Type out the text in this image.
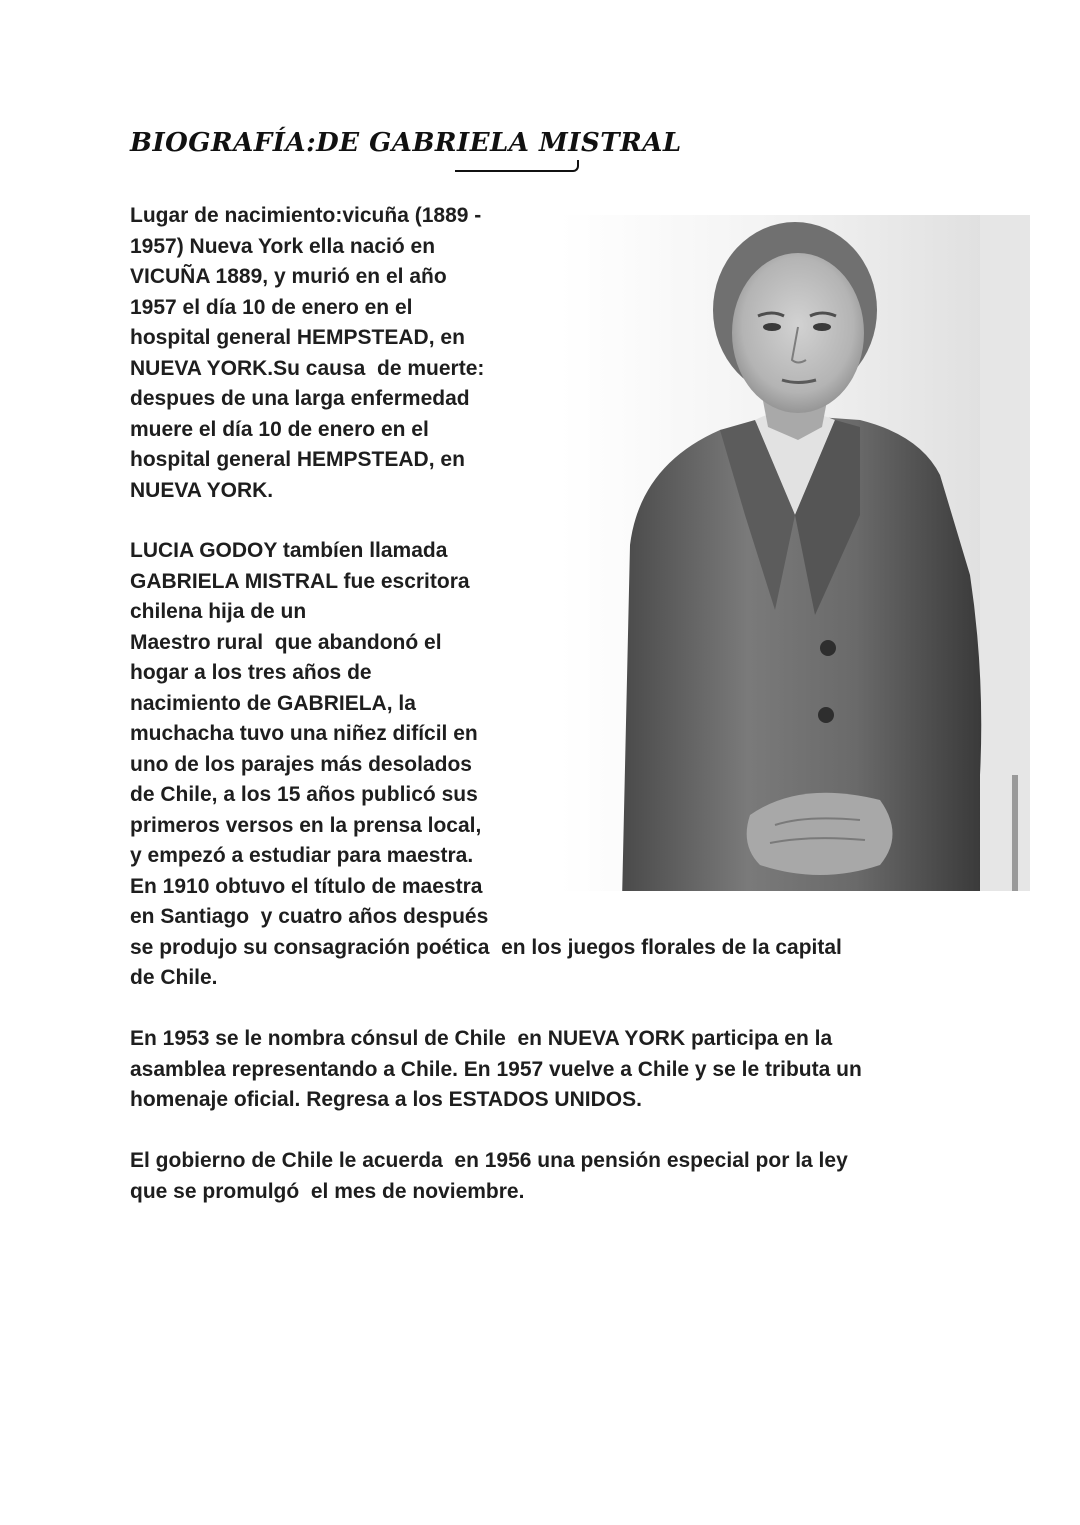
BIOGRAFÍA:DE GABRIELA MISTRAL
Lugar de nacimiento:vicuña (1889 -
1957) Nueva York ella nació en
VICUÑA 1889, y murió en el año
1957 el día 10 de enero en el
hospital general HEMPSTEAD, en
NUEVA YORK.Su causa  de muerte:
despues de una larga enfermedad
muere el día 10 de enero en el
hospital general HEMPSTEAD, en
NUEVA YORK.
LUCIA GODOY tambíen llamada
GABRIELA MISTRAL fue escritora
chilena hija de un
Maestro rural  que abandonó el
hogar a los tres años de
nacimiento de GABRIELA, la
muchacha tuvo una niñez difícil en
uno de los parajes más desolados
de Chile, a los 15 años publicó sus
primeros versos en la prensa local,
y empezó a estudiar para maestra.
En 1910 obtuvo el título de maestra
en Santiago  y cuatro años después
se produjo su consagración poética  en los juegos florales de la capital
de Chile.
En 1953 se le nombra cónsul de Chile  en NUEVA YORK participa en la
asamblea representando a Chile. En 1957 vuelve a Chile y se le tributa un
homenaje oficial. Regresa a los ESTADOS UNIDOS.
El gobierno de Chile le acuerda  en 1956 una pensión especial por la ley
que se promulgó  el mes de noviembre.
